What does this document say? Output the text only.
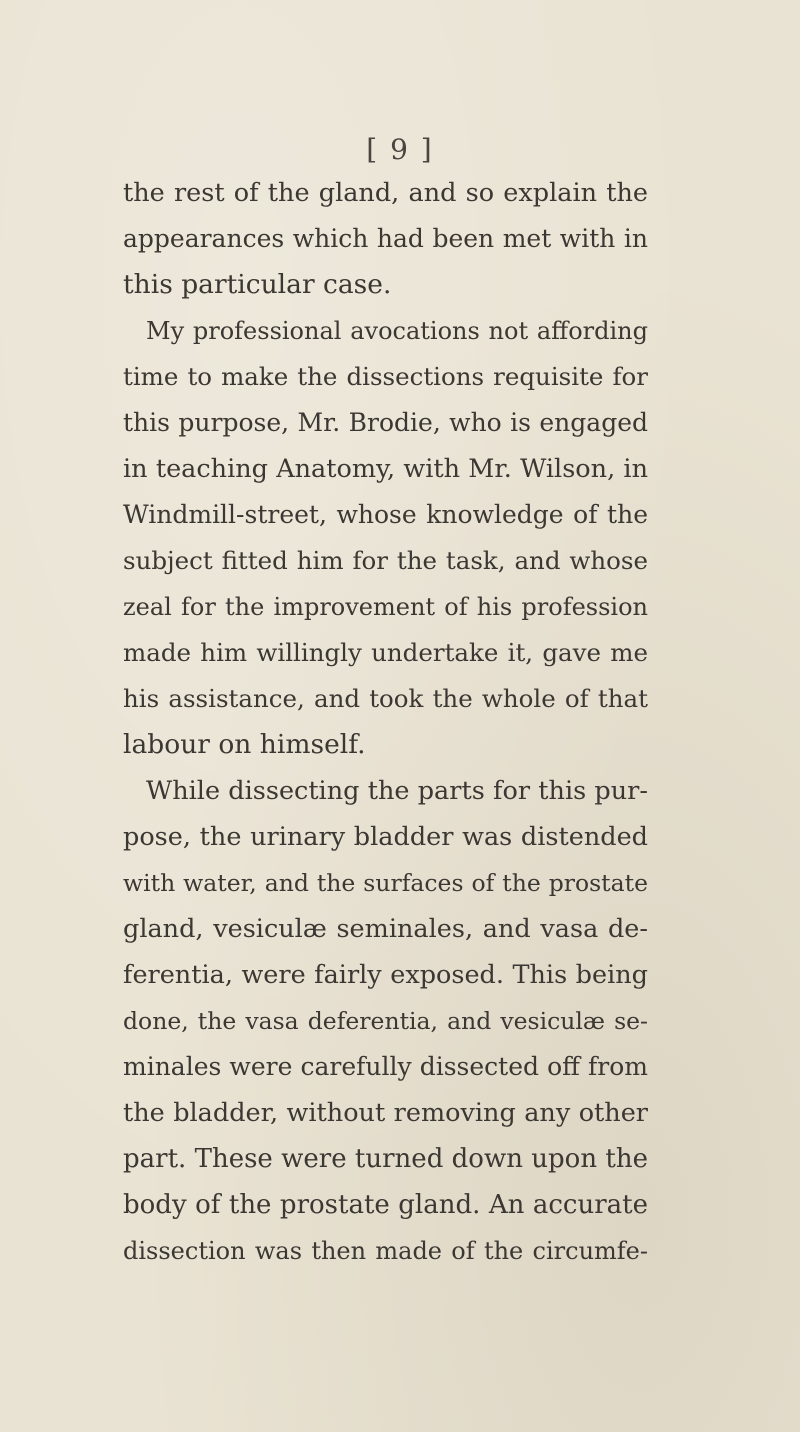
[ 9 ]
the rest of the gland, and so explain the
appearances which had been met with in
this particular case.
My professional avocations not affording
time to make the dissections requisite for
this purpose, Mr. Brodie, who is engaged
in teaching Anatomy, with Mr. Wilson, in
Windmill-street, whose knowledge of the
subject fitted him for the task, and whose
zeal for the improvement of his profession
made him willingly undertake it, gave me
his assistance, and took the whole of that
labour on himself.
While dissecting the parts for this pur-
pose, the urinary bladder was distended
with water, and the surfaces of the prostate
gland, vesiculæ seminales, and vasa de-
ferentia, were fairly exposed. This being
done, the vasa deferentia, and vesiculæ se-
minales were carefully dissected off from
the bladder, without removing any other
part. These were turned down upon the
body of the prostate gland. An accurate
dissection was then made of the circumfe-
